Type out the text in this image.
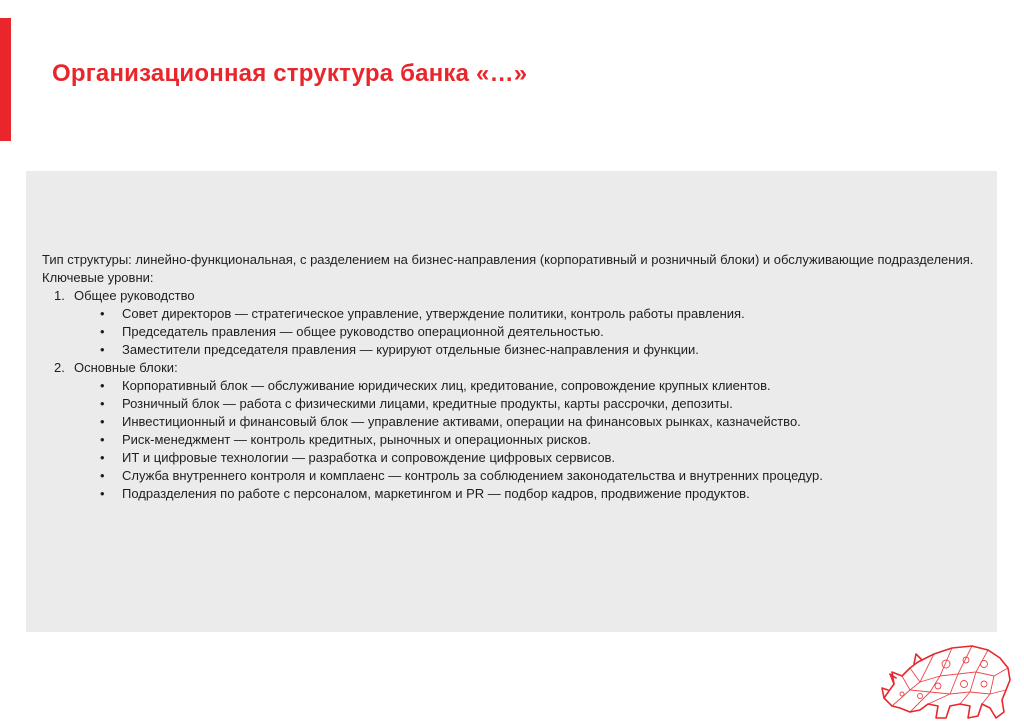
Организационная структура банка «…»

Тип структуры: линейно-функциональная, с разделением на бизнес-направления (корпоративный и розничный блоки) и обслуживающие подразделения.

Ключевые уровни:

1. Общее руководство
• Совет директоров — стратегическое управление, утверждение политики, контроль работы правления.
• Председатель правления — общее руководство операционной деятельностью.
• Заместители председателя правления — курируют отдельные бизнес-направления и функции.
2. Основные блоки:
• Корпоративный блок — обслуживание юридических лиц, кредитование, сопровождение крупных клиентов.
• Розничный блок — работа с физическими лицами, кредитные продукты, карты рассрочки, депозиты.
• Инвестиционный и финансовый блок — управление активами, операции на финансовых рынках, казначейство.
• Риск-менеджмент — контроль кредитных, рыночных и операционных рисков.
• ИТ и цифровые технологии — разработка и сопровождение цифровых сервисов.
• Служба внутреннего контроля и комплаенс — контроль за соблюдением законодательства и внутренних процедур.
• Подразделения по работе с персоналом, маркетингом и PR — подбор кадров, продвижение продуктов.
